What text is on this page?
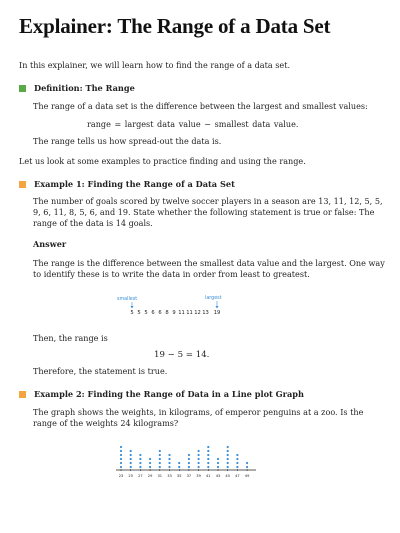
Explainer: The Range of a Data Set

In this explainer, we will learn how to find the range of a data set.

Definition: The Range

The range of a data set is the difference between the largest and smallest values:

range = largest data value − smallest data value.

The range tells us how spread-out the data is.

Let us look at some examples to practice finding and using the range.

Example 1: Finding the Range of a Data Set

The number of goals scored by twelve soccer players in a season are 13, 11, 12, 5, 5, 9, 6, 11, 8, 5, 6, and 19. State whether the following statement is true or false: The range of the data is 14 goals.

Answer

The range is the difference between the smallest data value and the largest. One way to identify these is to write the data in order from least to greatest.

smallest	largest
5 5 5 6 6 8 9 11 11 12 13 19

Then, the range is

19 − 5 = 14.

Therefore, the statement is true.

Example 2: Finding the Range of Data in a Line plot Graph

The graph shows the weights, in kilograms, of emperor penguins at a zoo. Is the range of the weights 24 kilograms?

23 25 27 29 31 33 35 37 39 41 43 45 47 49
